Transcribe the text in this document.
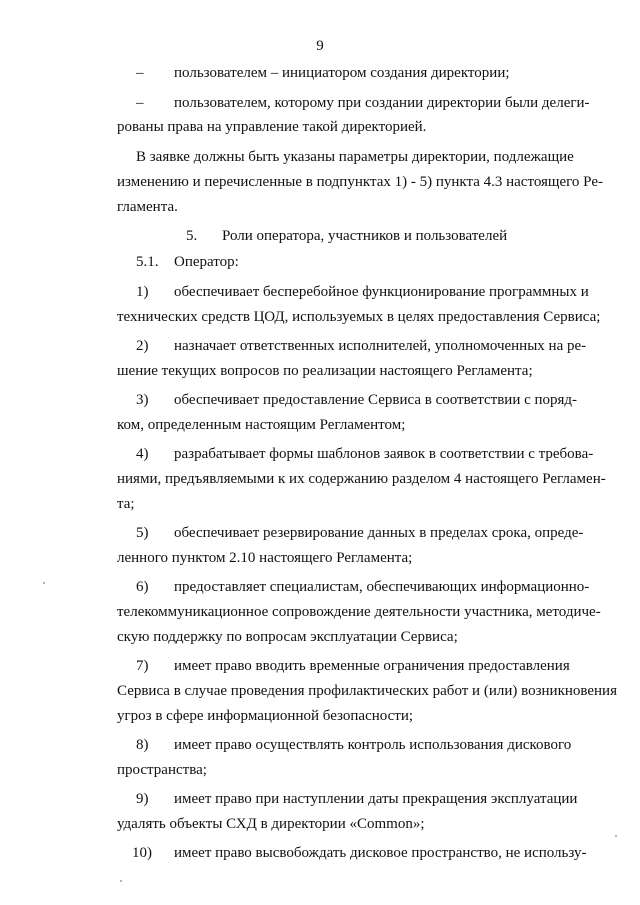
9
– пользователем – инициатором создания директории;
– пользователем, которому при создании директории были делеги-
рованы права на управление такой директорией.
В заявке должны быть указаны параметры директории, подлежащие
изменению и перечисленные в подпунктах 1) - 5) пункта 4.3 настоящего Ре-
гламента.
5. Роли оператора, участников и пользователей
5.1. Оператор:
1) обеспечивает бесперебойное функционирование программных и
технических средств ЦОД, используемых в целях предоставления Сервиса;
2) назначает ответственных исполнителей, уполномоченных на ре-
шение текущих вопросов по реализации настоящего Регламента;
3) обеспечивает предоставление Сервиса в соответствии с поряд-
ком, определенным настоящим Регламентом;
4) разрабатывает формы шаблонов заявок в соответствии с требова-
ниями, предъявляемыми к их содержанию разделом 4 настоящего Регламен-
та;
5) обеспечивает резервирование данных в пределах срока, опреде-
ленного пунктом 2.10 настоящего Регламента;
6) предоставляет специалистам, обеспечивающих информационно-
телекоммуникационное сопровождение деятельности участника, методиче-
скую поддержку по вопросам эксплуатации Сервиса;
7) имеет право вводить временные ограничения предоставления
Сервиса в случае проведения профилактических работ и (или) возникновения
угроз в сфере информационной безопасности;
8) имеет право осуществлять контроль использования дискового
пространства;
9) имеет право при наступлении даты прекращения эксплуатации
удалять объекты СХД в директории «Common»;
10) имеет право высвобождать дисковое пространство, не использу-
